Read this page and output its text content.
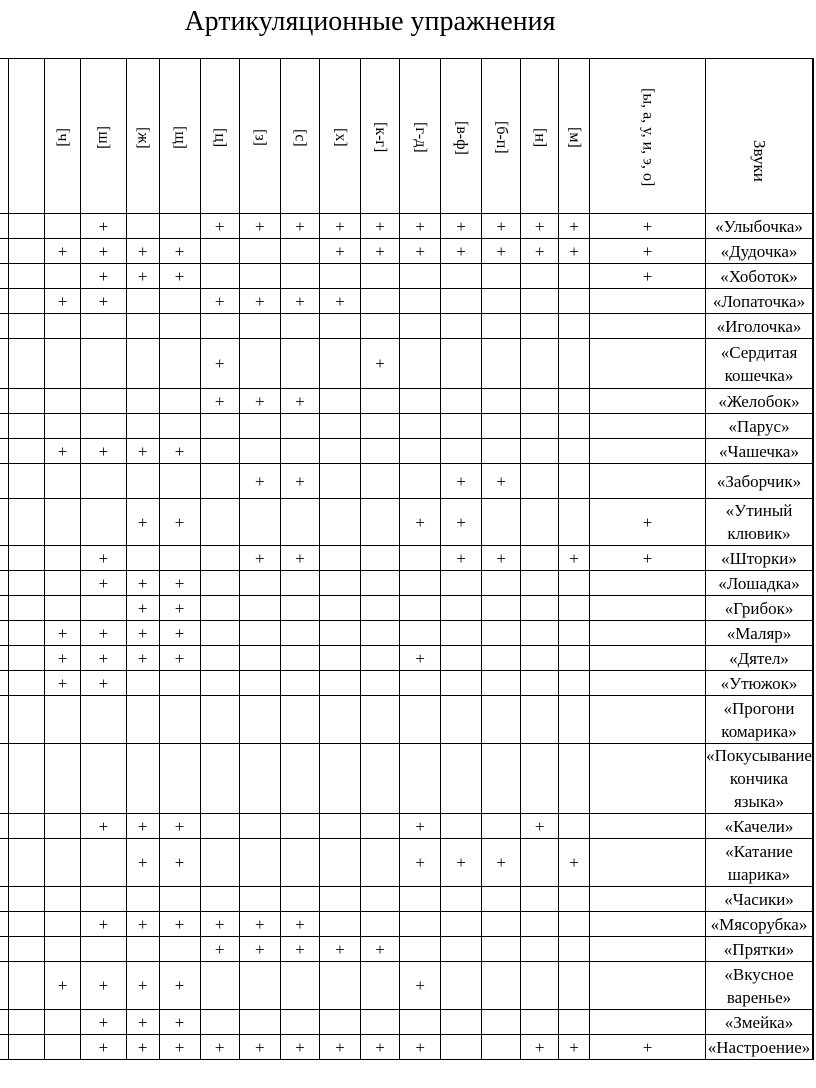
Артикуляционные упражнения
		[ч]	[ш]	[ж]	[щ]	[ц]	[з]	[с]	[х]	[к-г]	[г-д]	[в-ф]	[б-п]	[н]	[м]	[ы, а, у, и, э, о]	Звуки	
			+			+	+	+	+	+	+	+	+	+	+	+	«Улыбочка»	
		+	+	+	+				+	+	+	+	+	+	+	+	«Дудочка»	
			+	+	+											+	«Хоботок»	
		+	+			+	+	+	+								«Лопаточка»	
																	«Иголочка»	
						+				+							«Сердитая кошечка»	
						+	+	+									«Желобок»	
																	«Парус»	
		+	+	+	+												«Чашечка»	
							+	+				+	+				«Заборчик»	
				+	+						+	+				+	«Утиный клювик»	
			+				+	+				+	+		+	+	«Шторки»	
			+	+	+												«Лошадка»	
				+	+												«Грибок»	
		+	+	+	+												«Маляр»	
		+	+	+	+						+						«Дятел»	
		+	+														«Утюжок»	
																	«Прогони комарика»	
																	«Покусывание кончика языка»	
			+	+	+						+			+			«Качели»	
				+	+						+	+	+		+		«Катание шарика»	
																	«Часики»	
			+	+	+	+	+	+									«Мясорубка»	
						+	+	+	+	+							«Прятки»	
		+	+	+	+						+						«Вкусное варенье»	
			+	+	+												«Змейка»	
			+	+	+	+	+	+	+	+	+			+	+	+	«Настроение»	
